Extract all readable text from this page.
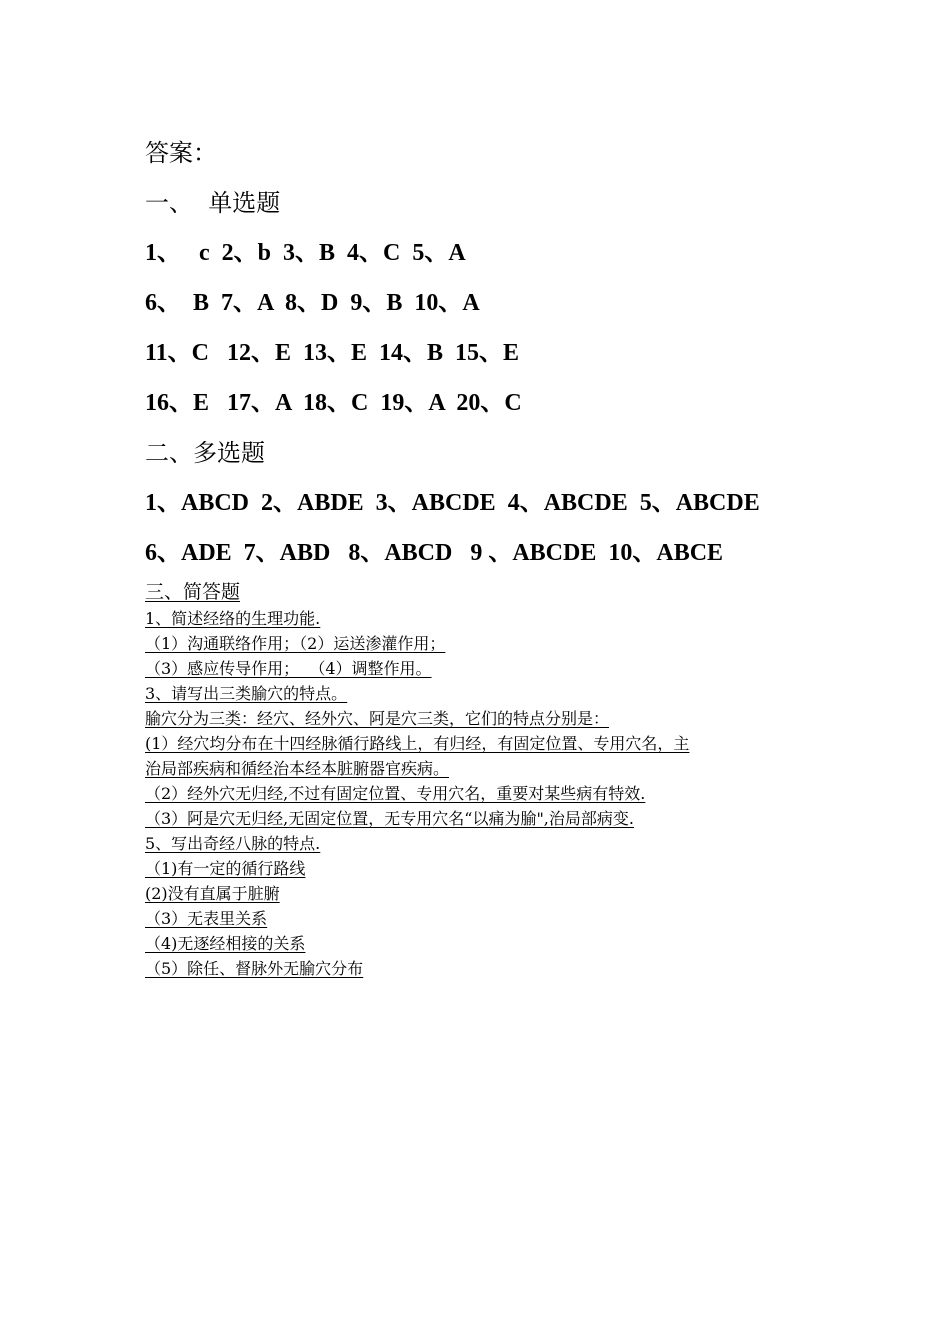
答案：
一、  单选题
1、   c  2、b  3、B  4、C  5、A
6、  B  7、A  8、D  9、B  10、A
11、C   12、E  13、E  14、B  15、E
16、E   17、A  18、C  19、A  20、C
二、多选题
1、ABCD  2、ABDE  3、ABCDE  4、ABCDE  5、ABCDE
6、ADE  7、ABD   8、ABCD   9 、ABCDE  10、ABCE
三、简答题
1、简述经络的生理功能.
（1）沟通联络作用；（2）运送渗灌作用；
（3）感应传导作用；  （4）调整作用。
3、请写出三类腧穴的特点。
腧穴分为三类：经穴、经外穴、阿是穴三类，它们的特点分别是：
(1）经穴均分布在十四经脉循行路线上，有归经，有固定位置、专用穴名，主
治局部疾病和循经治本经本脏腑器官疾病。
（2）经外穴无归经,不过有固定位置、专用穴名，重要对某些病有特效.
（3）阿是穴无归经,无固定位置，无专用穴名“以痛为腧",治局部病变.
5、写出奇经八脉的特点.
（1)有一定的循行路线
(2)没有直属于脏腑
（3）无表里关系
（4)无逐经相接的关系
（5）除任、督脉外无腧穴分布
